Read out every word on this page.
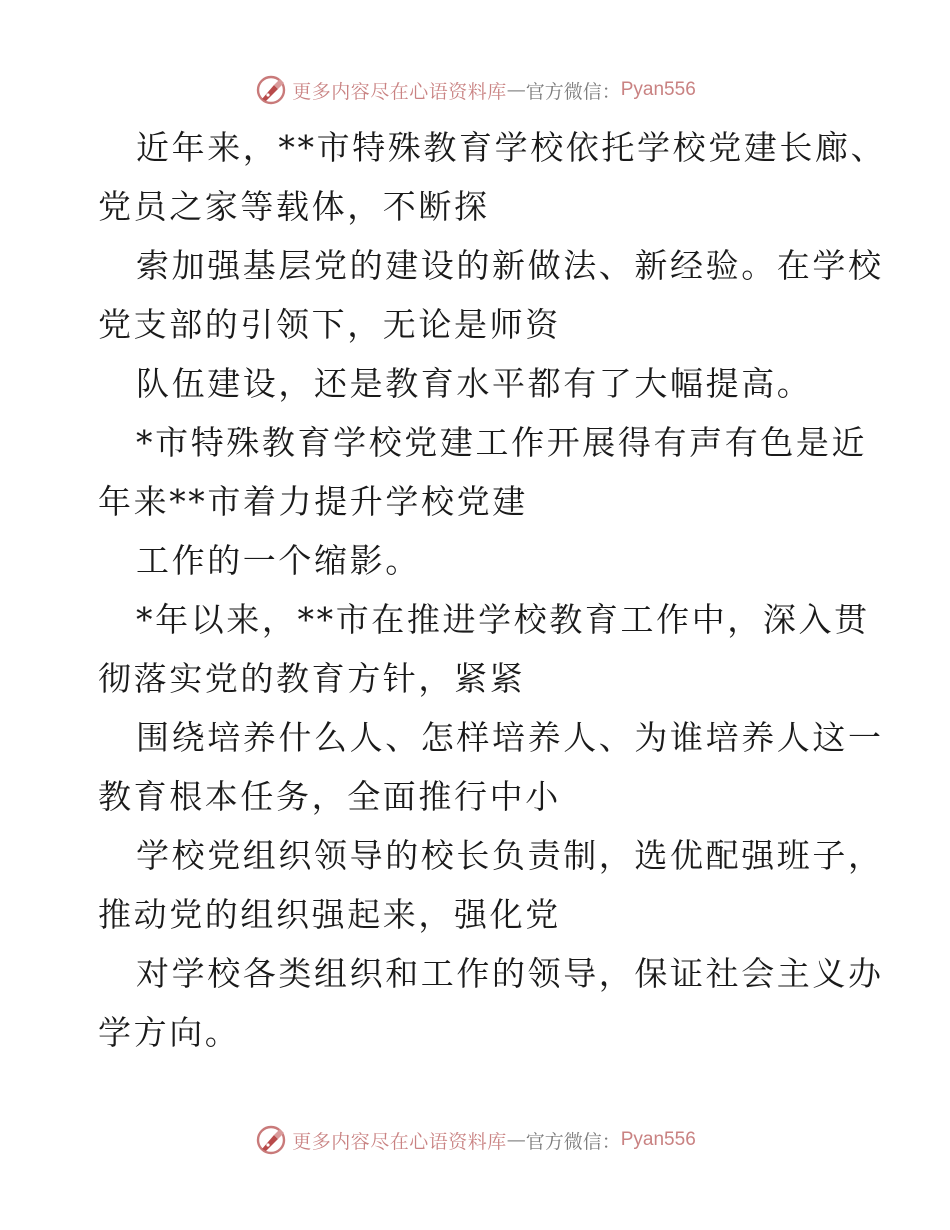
更多内容尽在心语资料库 — 官方微信： Pyan556
近年来，**市特殊教育学校依托学校党建长廊、
党员之家等载体，不断探
索加强基层党的建设的新做法、新经验。在学校
党支部的引领下，无论是师资
队伍建设，还是教育水平都有了大幅提高。
*市特殊教育学校党建工作开展得有声有色是近
年来**市着力提升学校党建
工作的一个缩影。
*年以来，**市在推进学校教育工作中，深入贯
彻落实党的教育方针，紧紧
围绕培养什么人、怎样培养人、为谁培养人这一
教育根本任务，全面推行中小
学校党组织领导的校长负责制，选优配强班子，
推动党的组织强起来，强化党
对学校各类组织和工作的领导，保证社会主义办
学方向。
更多内容尽在心语资料库 — 官方微信： Pyan556
